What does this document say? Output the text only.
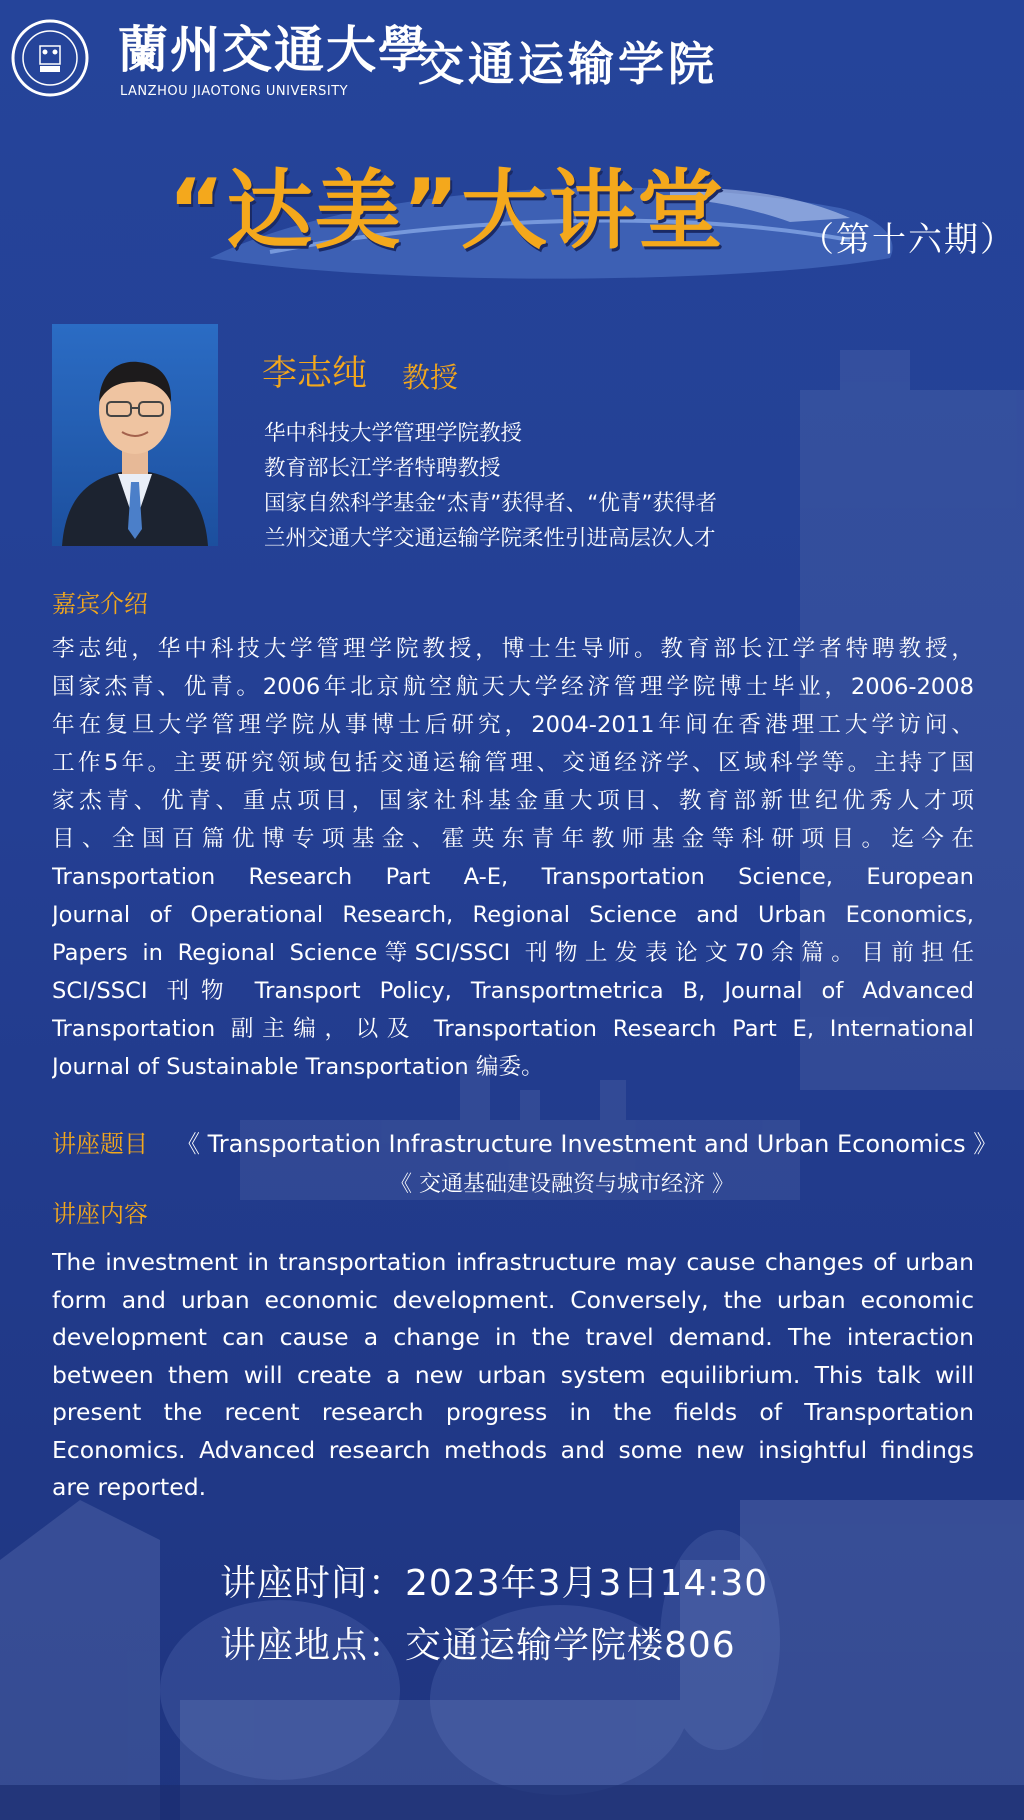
蘭州交通大學
LANZHOU JIAOTONG UNIVERSITY
交通运输学院
“达美”大讲堂 （第十六期）
李志纯 教授
华中科技大学管理学院教授
教育部长江学者特聘教授
国家自然科学基金“杰青”获得者、“优青”获得者
兰州交通大学交通运输学院柔性引进高层次人才
嘉宾介绍
李志纯，华中科技大学管理学院教授，博士生导师。教育部长江学者特聘教授，
国家杰青、优青。2006年北京航空航天大学经济管理学院博士毕业，2006-2008
年在复旦大学管理学院从事博士后研究，2004-2011年间在香港理工大学访问、
工作5年。主要研究领域包括交通运输管理、交通经济学、区域科学等。主持了国
家杰青、优青、重点项目，国家社科基金重大项目、教育部新世纪优秀人才项
目、全国百篇优博专项基金、霍英东青年教师基金等科研项目。迄今在
Transportation Research Part A-E, Transportation Science, European
Journal of Operational Research, Regional Science and Urban Economics,
Papers in Regional Science等SCI/SSCI 刊物上发表论文70余篇。目前担任
SCI/SSCI 刊物 Transport Policy, Transportmetrica B, Journal of Advanced
Transportation 副主编，以及 Transportation Research Part E, International
Journal of Sustainable Transportation 编委。
讲座题目 《 Transportation Infrastructure Investment and Urban Economics 》
《 交通基础建设融资与城市经济 》
讲座内容
The investment in transportation infrastructure may cause changes of urban
form and urban economic development. Conversely, the urban economic
development can cause a change in the travel demand. The interaction
between them will create a new urban system equilibrium. This talk will
present the recent research progress in the fields of Transportation
Economics. Advanced research methods and some new insightful findings
are reported.
讲座时间：2023年3月3日14:30
讲座地点：交通运输学院楼806
